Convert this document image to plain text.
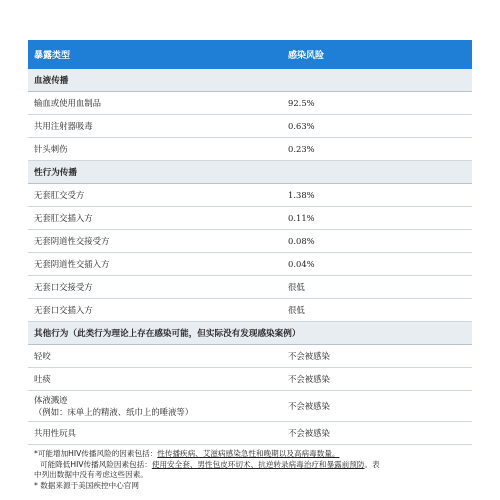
暴露类型	感染风险
血液传播	
输血或使用血制品	92.5%
共用注射器吸毒	0.63%
针头刺伤	0.23%
性行为传播	
无套肛交受方	1.38%
无套肛交插入方	0.11%
无套阴道性交接受方	0.08%
无套阴道性交插入方	0.04%
无套口交接受方	很低
无套口交插入方	很低
其他行为（此类行为理论上存在感染可能，但实际没有发现感染案例）	
轻咬	不会被感染
吐痰	不会被感染

体液溅迹
（例如：床单上的精液、纸巾上的唾液等）	不会被感染
共用性玩具	不会被感染
*可能增加HIV传播风险的因素包括：性传播疾病、艾滋病感染急性和晚期以及高病毒数量。
可能降低HIV传播风险因素包括：使用安全套、男性包皮环切术、抗逆转录病毒治疗和暴露前预防。表
中列出数据中没有考虑这些因素。
* 数据来源于美国疾控中心官网
